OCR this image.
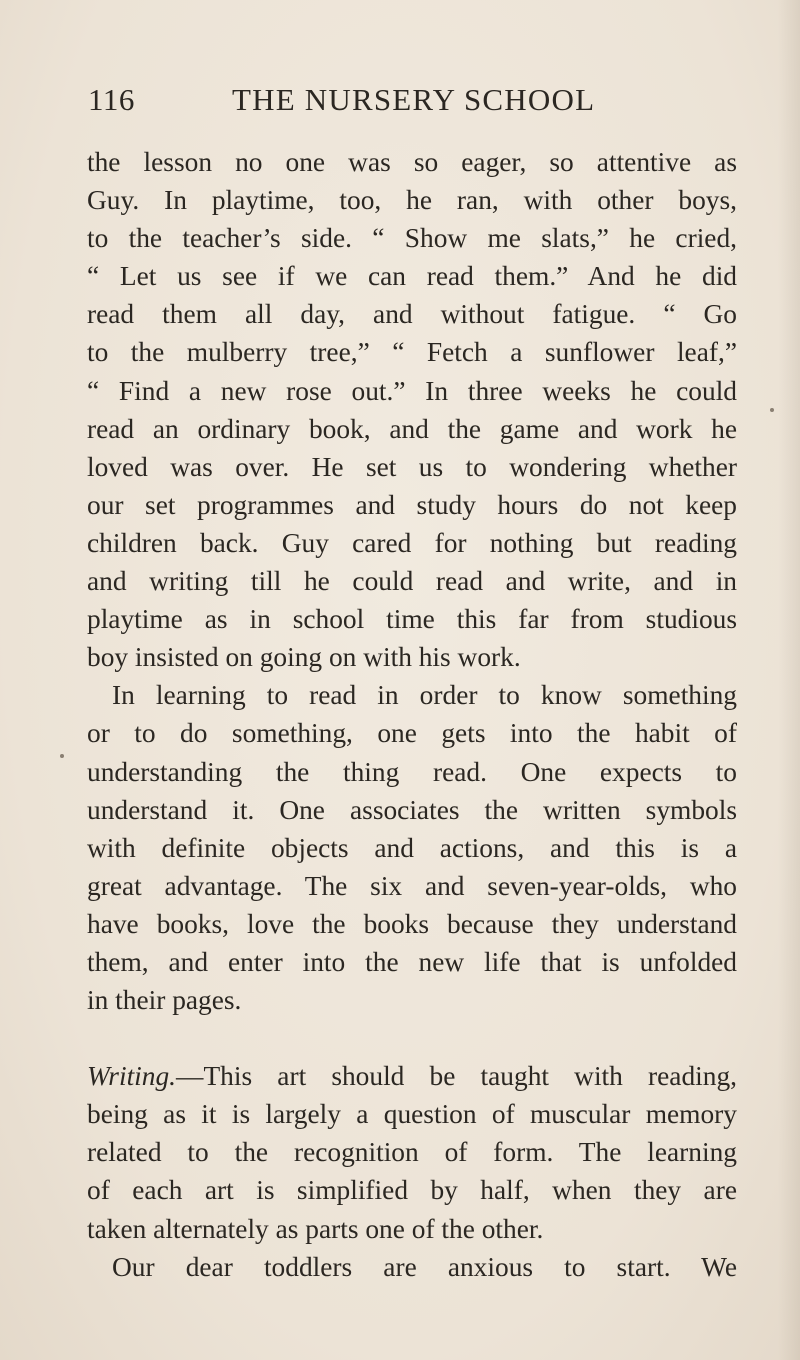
116	THE NURSERY SCHOOL
the lesson no one was so eager, so attentive as
Guy. In playtime, too, he ran, with other boys,
to the teacher’s side. “ Show me slats,” he cried,
“ Let us see if we can read them.” And he did
read them all day, and without fatigue. “ Go
to the mulberry tree,” “ Fetch a sunflower leaf,”
“ Find a new rose out.” In three weeks he could
read an ordinary book, and the game and work he
loved was over. He set us to wondering whether
our set programmes and study hours do not keep
children back. Guy cared for nothing but reading
and writing till he could read and write, and in
playtime as in school time this far from studious
boy insisted on going on with his work.
In learning to read in order to know something
or to do something, one gets into the habit of
understanding the thing read. One expects to
understand it. One associates the written symbols
with definite objects and actions, and this is a
great advantage. The six and seven-year-olds, who
have books, love the books because they understand
them, and enter into the new life that is unfolded
in their pages.
Writing.—This art should be taught with reading,
being as it is largely a question of muscular memory
related to the recognition of form. The learning
of each art is simplified by half, when they are
taken alternately as parts one of the other.
Our dear toddlers are anxious to start. We
